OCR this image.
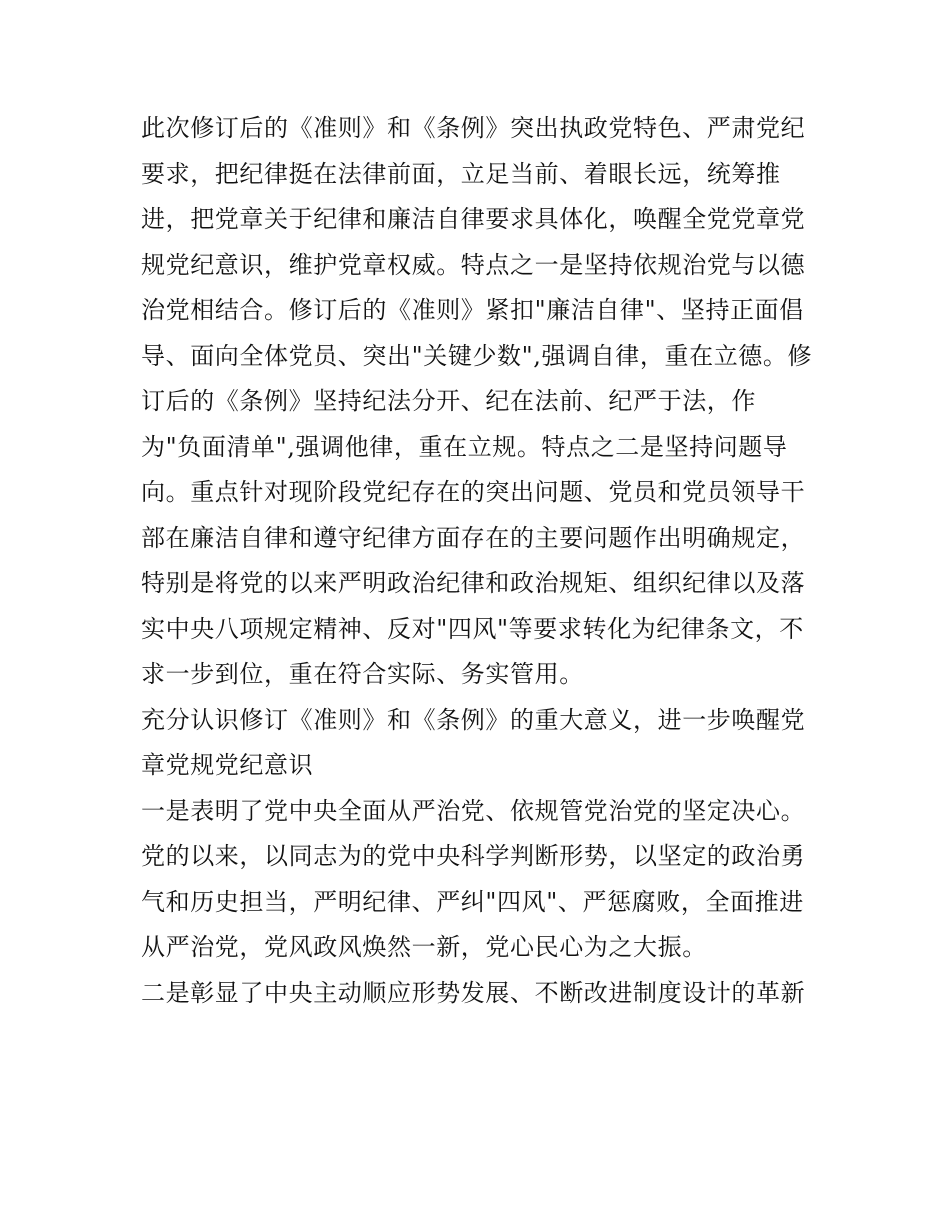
此次修订后的《准则》和《条例》突出执政党特色、严肃党纪
要求，把纪律挺在法律前面，立足当前、着眼长远，统筹推
进，把党章关于纪律和廉洁自律要求具体化，唤醒全党党章党
规党纪意识，维护党章权威。特点之一是坚持依规治党与以德
治党相结合。修订后的《准则》紧扣"廉洁自律"、坚持正面倡
导、面向全体党员、突出"关键少数",强调自律，重在立德。修
订后的《条例》坚持纪法分开、纪在法前、纪严于法，作
为"负面清单",强调他律，重在立规。特点之二是坚持问题导
向。重点针对现阶段党纪存在的突出问题、党员和党员领导干
部在廉洁自律和遵守纪律方面存在的主要问题作出明确规定，
特别是将党的以来严明政治纪律和政治规矩、组织纪律以及落
实中央八项规定精神、反对"四风"等要求转化为纪律条文，不
求一步到位，重在符合实际、务实管用。
充分认识修订《准则》和《条例》的重大意义，进一步唤醒党
章党规党纪意识
一是表明了党中央全面从严治党、依规管党治党的坚定决心。
党的以来，以同志为的党中央科学判断形势，以坚定的政治勇
气和历史担当，严明纪律、严纠"四风"、严惩腐败，全面推进
从严治党，党风政风焕然一新，党心民心为之大振。
二是彰显了中央主动顺应形势发展、不断改进制度设计的革新
